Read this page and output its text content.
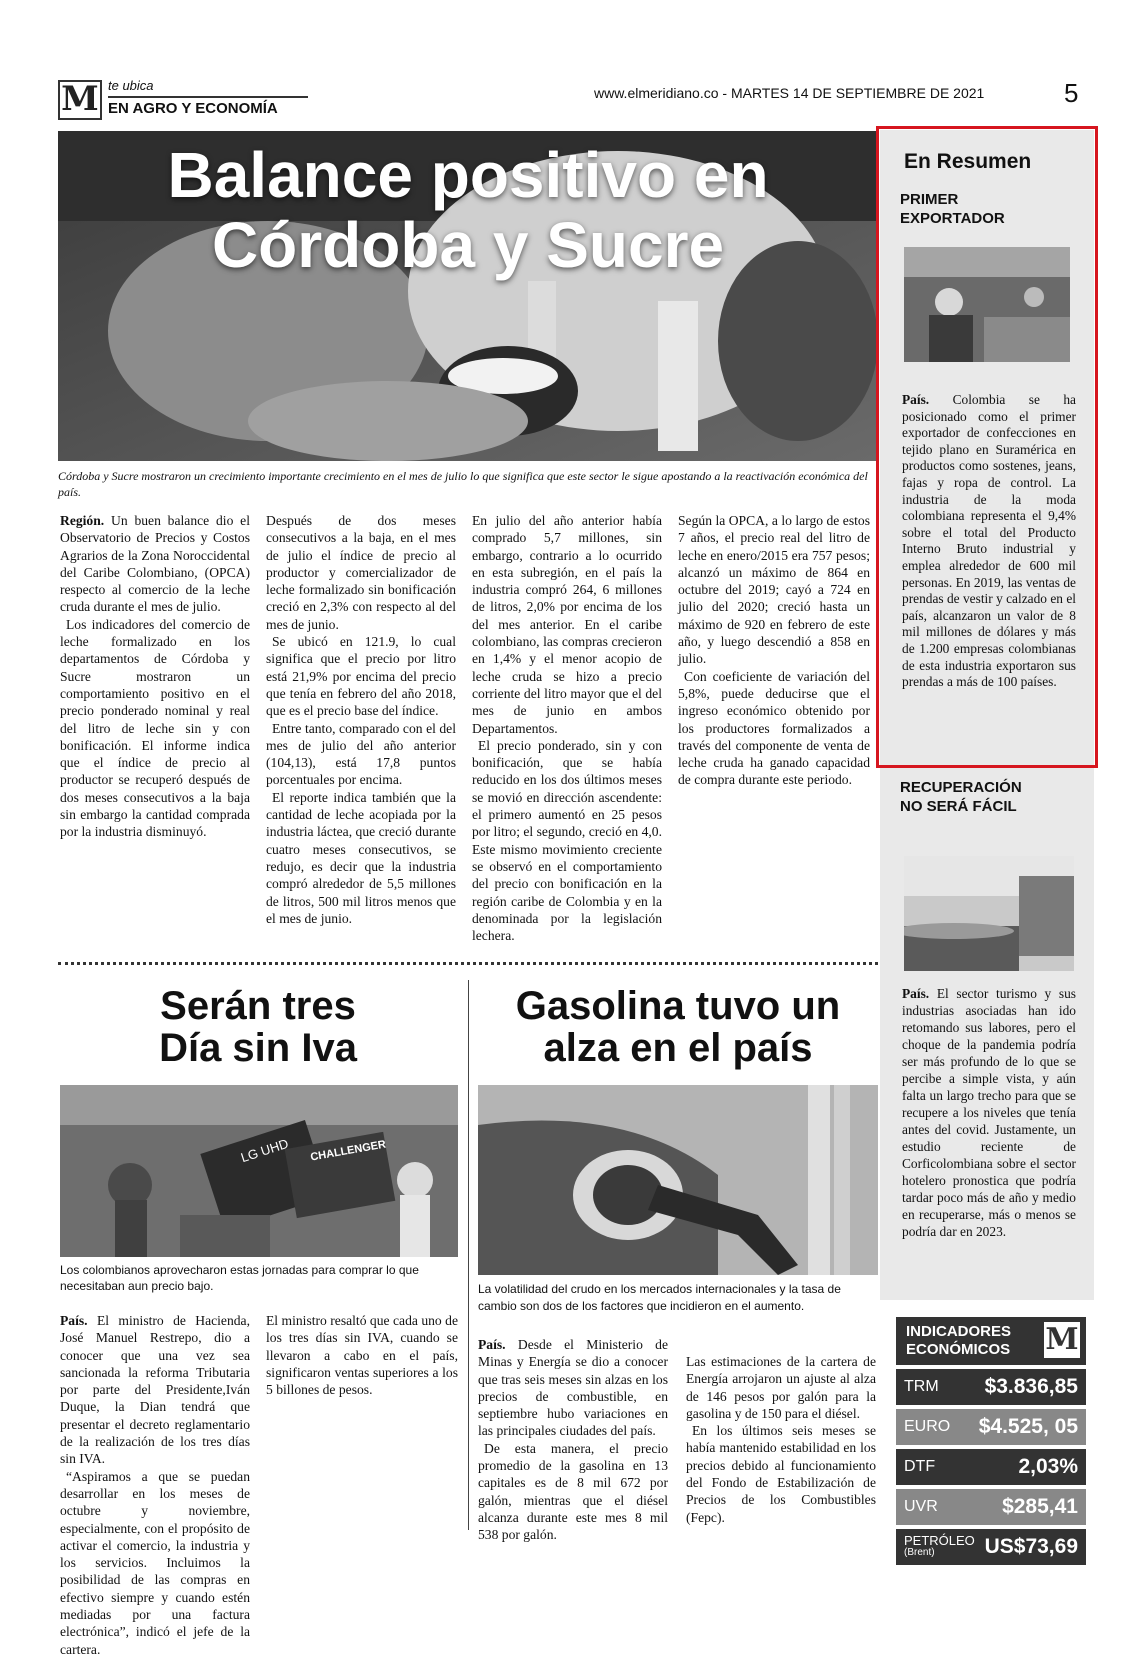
M te ubica
EN AGRO Y ECONOMÍA
www.elmeridiano.co - MARTES 14 DE SEPTIEMBRE DE 2021	5
Balance positivo en
Córdoba y Sucre
Córdoba y Sucre mostraron un crecimiento importante crecimiento en el mes de julio lo que significa que este sector le sigue apostando a la reactivación económica del país.

Región. Un buen balance dio el Observatorio de Precios y Costos Agrarios de la Zona Noroccidental del Caribe Colombiano, (OPCA) respecto al comercio de la leche cruda durante el mes de julio.

Los indicadores del comercio de leche formalizado en los departamentos de Córdoba y Sucre mostraron un comportamiento positivo en el precio ponderado nominal y real del litro de leche sin y con bonificación. El informe indica que el índice de precio al productor se recuperó después de dos meses consecutivos a la baja sin embargo la cantidad comprada por la industria disminuyó.

Después de dos meses consecutivos a la baja, en el mes de julio el índice de precio al productor y comercializador de leche formalizado sin bonificación creció en 2,3% con respecto al del mes de junio.

Se ubicó en 121.9, lo cual significa que el precio por litro está 21,9% por encima del precio que tenía en febrero del año 2018, que es el precio base del índice.

Entre tanto, comparado con el del mes de julio del año anterior (104,13), está 17,8 puntos porcentuales por encima.

El reporte indica también que la cantidad de leche acopiada por la industria láctea, que creció durante cuatro meses consecutivos, se redujo, es decir que la industria compró alrededor de 5,5 millones de litros, 500 mil litros menos que el mes de junio.

En julio del año anterior había comprado 5,7 millones, sin embargo, contrario a lo ocurrido en esta subregión, en el país la industria compró 264, 6 millones de litros, 2,0% por encima de los del mes anterior. En el caribe colombiano, las compras crecieron en 1,4% y el menor acopio de leche cruda se hizo a precio corriente del litro mayor que el del mes de junio en ambos Departamentos.

El precio ponderado, sin y con bonificación, que se había reducido en los dos últimos meses se movió en dirección ascendente: el primero aumentó en 25 pesos por litro; el segundo, creció en 4,0. Este mismo movimiento creciente se observó en el comportamiento del precio con bonificación en la región caribe de Colombia y en la denominada por la legislación lechera.

Según la OPCA, a lo largo de estos 7 años, el precio real del litro de leche en enero/2015 era 757 pesos; alcanzó un máximo de 864 en octubre del 2019; cayó a 724 en julio del 2020; creció hasta un máximo de 920 en febrero de este año, y luego descendió a 858 en julio.

Con coeficiente de variación del 5,8%, puede deducirse que el ingreso económico obtenido por los productores formalizados a través del componente de venta de leche cruda ha ganado capacidad de compra durante este periodo.

Serán tres
Día sin Iva
LG UHD CHALLENGER
Los colombianos aprovecharon estas jornadas para comprar lo que necesitaban aun precio bajo.

País. El ministro de Hacienda, José Manuel Restrepo, dio a conocer que una vez sea sancionada la reforma Tributaria por parte del Presidente,Iván Duque, la Dian tendrá que presentar el decreto reglamentario de la realización de los tres días sin IVA.

“Aspiramos a que se puedan desarrollar en los meses de octubre y noviembre, especialmente, con el propósito de activar el comercio, la industria y los servicios. Incluimos la posibilidad de las compras en efectivo siempre y cuando estén mediadas por una factura electrónica”, indicó el jefe de la cartera.

El ministro resaltó que cada uno de los tres días sin IVA, cuando se llevaron a cabo en el país, significaron ventas superiores a los 5 billones de pesos.

Gasolina tuvo un
alza en el país
La volatilidad del crudo en los mercados internacionales y la tasa de cambio son dos de los factores que incidieron en el aumento.

País. Desde el Ministerio de Minas y Energía se dio a conocer que tras seis meses sin alzas en los precios de combustible, en septiembre hubo variaciones en las principales ciudades del país.

De esta manera, el precio promedio de la gasolina en 13 capitales es de 8 mil 672 por galón, mientras que el diésel alcanza durante este mes 8 mil 538 por galón.

Las estimaciones de la cartera de Energía arrojaron un ajuste al alza de 146 pesos por galón para la gasolina y de 150 para el diésel.

En los últimos seis meses se había mantenido estabilidad en los precios debido al funcionamiento del Fondo de Estabilización de Precios de los Combustibles (Fepc).

En Resumen
PRIMER
EXPORTADOR

País. Colombia se ha posicionado como el primer exportador de confecciones en tejido plano en Suramérica en productos como sostenes, jeans, fajas y ropa de control. La industria de la moda colombiana representa el 9,4% sobre el total del Producto Interno Bruto industrial y emplea alrededor de 600 mil personas. En 2019, las ventas de prendas de vestir y calzado en el país, alcanzaron un valor de 8 mil millones de dólares y más de 1.200 empresas colombianas de esta industria exportaron sus prendas a más de 100 países.

RECUPERACIÓN
NO SERÁ FÁCIL

País. El sector turismo y sus industrias asociadas han ido retomando sus labores, pero el choque de la pandemia podría ser más profundo de lo que se percibe a simple vista, y aún falta un largo trecho para que se recupere a los niveles que tenía antes del covid. Justamente, un estudio reciente de Corficolombiana sobre el sector hotelero pronostica que podría tardar poco más de año y medio en recuperarse, más o menos se podría dar en 2023.

INDICADORES
ECONÓMICOS M
TRM $3.836,85
EURO $4.525, 05
DTF	2,03%
UVR	$285,41
PETRÓLEO
(Brent)	US$73,69
